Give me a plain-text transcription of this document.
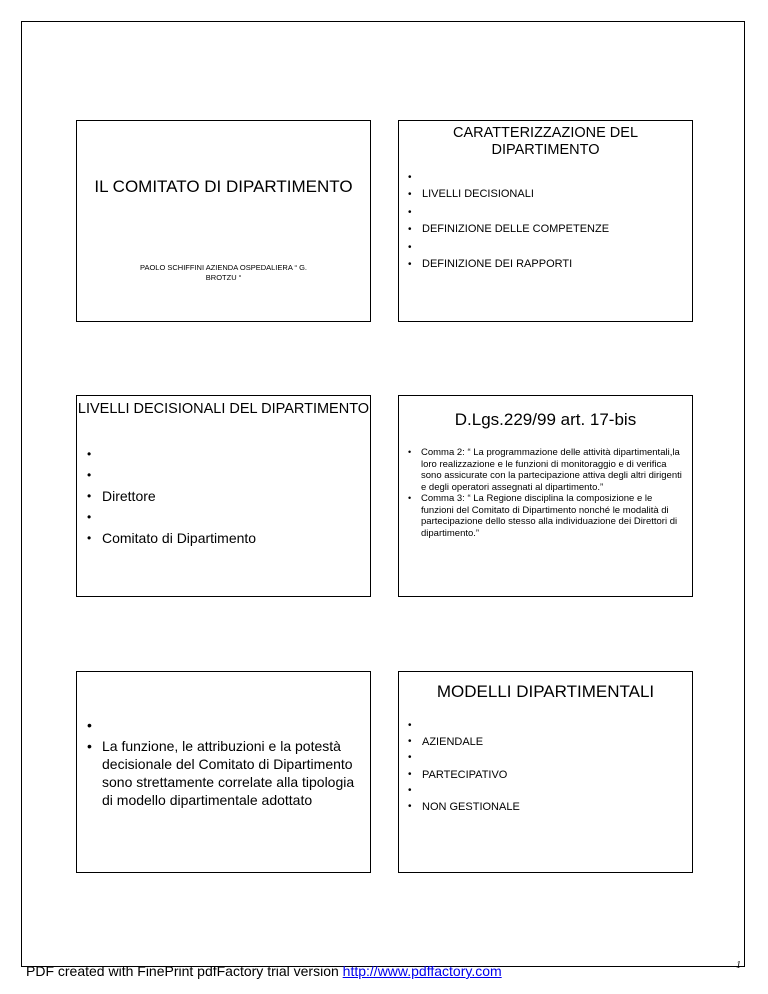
IL COMITATO DI DIPARTIMENTO
PAOLO SCHIFFINI AZIENDA OSPEDALIERA “ G. BROTZU “
CARATTERIZZAZIONE DEL DIPARTIMENTO
•
• LIVELLI DECISIONALI
•
• DEFINIZIONE DELLE COMPETENZE
•
• DEFINIZIONE DEI RAPPORTI
LIVELLI DECISIONALI DEL DIPARTIMENTO
•
•
• Direttore
•
• Comitato di Dipartimento
D.Lgs.229/99 art. 17-bis
• Comma 2: “ La programmazione delle attività dipartimentali,la loro realizzazione e le funzioni di monitoraggio e di verifica sono assicurate con la partecipazione attiva degli altri dirigenti e degli operatori assegnati al dipartimento.”
• Comma 3: “ La Regione disciplina la composizione e le funzioni del Comitato di Dipartimento nonché le modalità di partecipazione dello stesso alla individuazione dei Direttori di dipartimento.”
•
• La funzione, le attribuzioni e la potestà decisionale del Comitato di Dipartimento sono strettamente correlate alla tipologia di modello dipartimentale adottato
MODELLI DIPARTIMENTALI
•
• AZIENDALE
•
• PARTECIPATIVO
•
• NON GESTIONALE
PDF created with FinePrint pdfFactory trial version http://www.pdffactory.com	1
